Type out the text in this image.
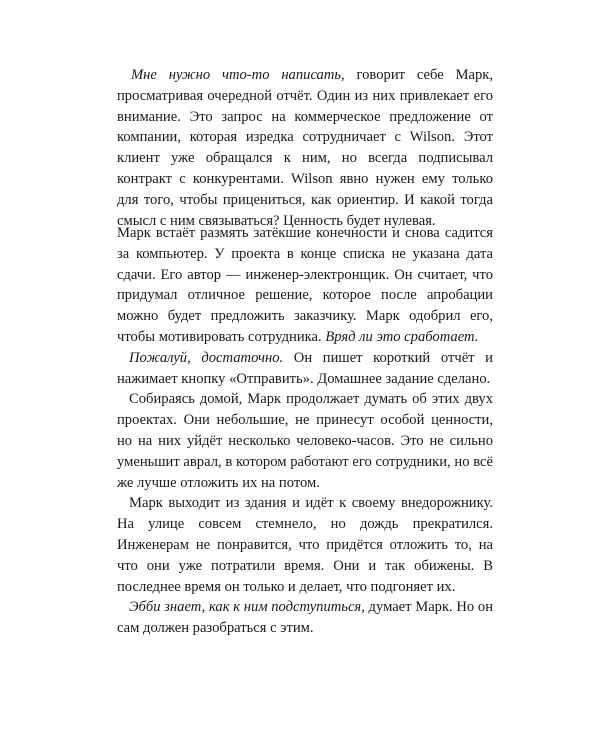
Мне нужно что-то написать, говорит себе Марк, просматривая очередной отчёт. Один из них привлекает его внимание. Это запрос на коммерческое предложение от компании, которая изредка сотрудничает с Wilson. Этот клиент уже обращался к ним, но всегда подписывал контракт с конкурентами. Wilson явно нужен ему только для того, чтобы прицениться, как ориентир. И какой тогда смысл с ним связываться? Ценность будет нулевая.

Марк встаёт размять затёкшие конечности и снова садится за компьютер. У проекта в конце списка не указана дата сдачи. Его автор — инженер-электронщик. Он считает, что придумал отличное решение, которое после апробации можно будет предложить заказчику. Марк одобрил его, чтобы мотивировать сотрудника. Вряд ли это сработает.

Пожалуй, достаточно. Он пишет короткий отчёт и нажимает кнопку «Отправить». Домашнее задание сделано.

Собираясь домой, Марк продолжает думать об этих двух проектах. Они небольшие, не принесут особой ценности, но на них уйдёт несколько человеко-часов. Это не сильно уменьшит аврал, в котором работают его сотрудники, но всё же лучше отложить их на потом.

Марк выходит из здания и идёт к своему внедорожнику. На улице совсем стемнело, но дождь прекратился. Инженерам не понравится, что придётся отложить то, на что они уже потратили время. Они и так обижены. В последнее время он только и делает, что подгоняет их.

Эбби знает, как к ним подступиться, думает Марк. Но он сам должен разобраться с этим.
